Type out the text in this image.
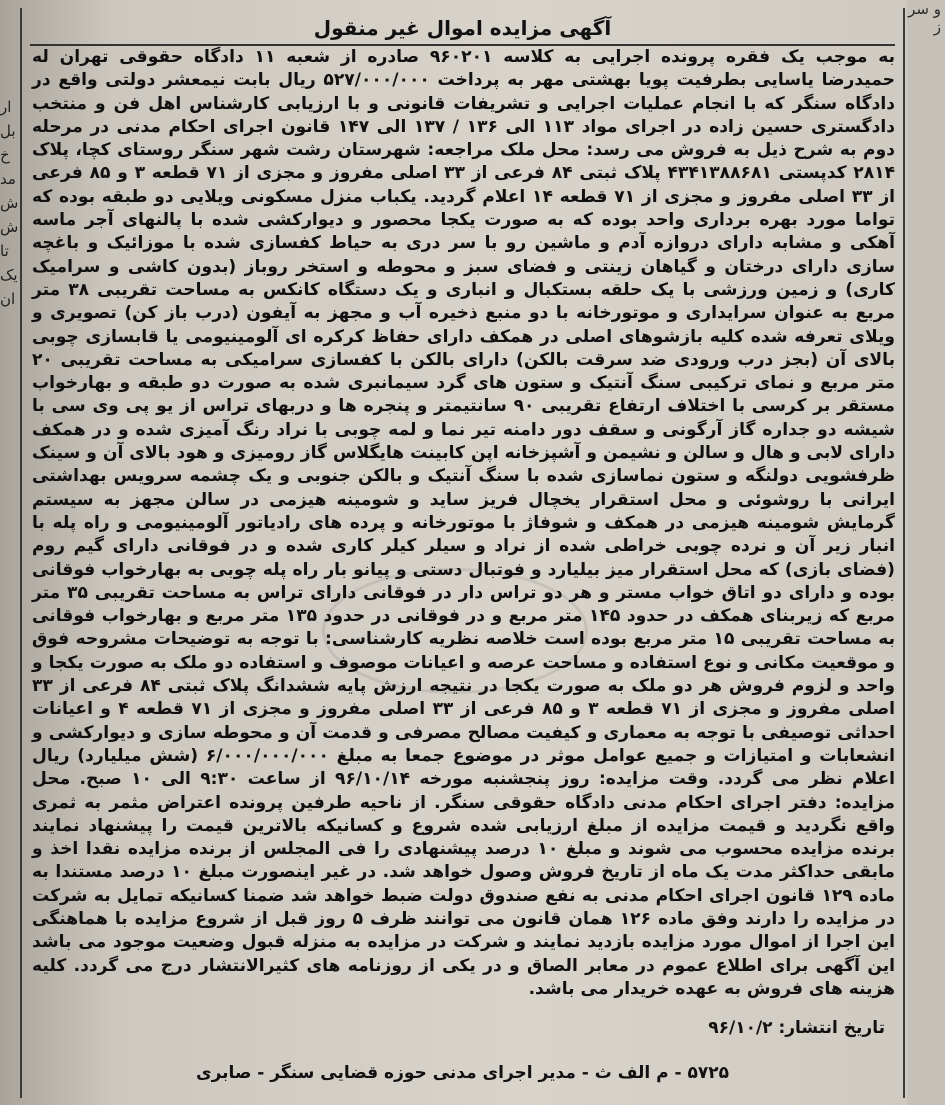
و سر ز
ار
بل
خ
مد
ش
ش
تا
یک
ان
آگهی مزایده اموال غیر منقول
به موجب یک فقره پرونده اجرایی به کلاسه ۹۶۰۲۰۱ صادره از شعبه ۱۱ دادگاه حقوقی تهران له حمیدرضا یاسایی بطرفیت پویا بهشتی مهر به پرداخت ۵۲۷/۰۰۰/۰۰۰ ریال بابت نیمعشر دولتی واقع در دادگاه سنگر که با انجام عملیات اجرایی و تشریفات قانونی و با ارزیابی کارشناس اهل فن و منتخب دادگستری حسین زاده در اجرای مواد ۱۱۳ الی ۱۳۶ / ۱۳۷ الی ۱۴۷ قانون اجرای احکام مدنی در مرحله دوم به شرح ذیل به فروش می رسد: محل ملک مراجعه: شهرستان رشت شهر سنگر روستای کچا، پلاک ۲۸۱۴ کدپستی ۴۳۴۱۳۸۸۶۸۱ پلاک ثبتی ۸۴ فرعی از ۳۳ اصلی مفروز و مجزی از ۷۱ قطعه ۳ و ۸۵ فرعی از ۳۳ اصلی مفروز و مجزی از ۷۱ قطعه ۱۴ اعلام گردید. یکباب منزل مسکونی ویلایی دو طبقه بوده که تواما مورد بهره برداری واحد بوده که به صورت یکجا محصور و دیوارکشی شده با پالنهای آجر ماسه آهکی و مشابه دارای دروازه آدم و ماشین رو با سر دری به حیاط کفسازی شده با موزائیک و باغچه سازی دارای درختان و گیاهان زینتی و فضای سبز و محوطه و استخر روباز (بدون کاشی و سرامیک کاری) و زمین ورزشی با یک حلقه بستکبال و انباری و یک دستگاه کانکس به مساحت تقریبی ۳۸ متر مربع به عنوان سرایداری و موتورخانه با دو منبع ذخیره آب و مجهز به آیفون (درب باز کن) تصویری و ویلای تعرفه شده کلیه بازشوهای اصلی در همکف دارای حفاظ کرکره ای آلومینیومی یا قابسازی چوبی بالای آن (بجز درب ورودی ضد سرقت بالکن) دارای بالکن با کفسازی سرامیکی به مساحت تقریبی ۲۰ متر مربع و نمای ترکیبی سنگ آنتیک و ستون های گرد سیمانبری شده به صورت دو طبقه و بهارخواب مستقر بر کرسی با اختلاف ارتفاع تقریبی ۹۰ سانتیمتر و پنجره ها و دربهای تراس از یو پی وی سی با شیشه دو جداره گاز آرگونی و سقف دور دامنه تیر نما و لمه چوبی با نراد رنگ آمیزی شده و در همکف دارای لابی و هال و سالن و نشیمن و آشپزخانه اپن کابینت هایگلاس گاز رومیزی و هود بالای آن و سینک ظرفشویی دولنگه و ستون نماسازی شده با سنگ آنتیک و بالکن جنوبی و یک چشمه سرویس بهداشتی ایرانی با روشوئی و محل استقرار یخچال فریز ساید و شومینه هیزمی در سالن مجهز به سیستم گرمایش شومینه هیزمی در همکف و شوفاژ با موتورخانه و پرده های رادیاتور آلومینیومی و راه پله با انبار زیر آن و نرده چوبی خراطی شده از نراد و سیلر کیلر کاری شده و در فوقانی دارای گیم روم (فضای بازی) که محل استقرار میز بیلیارد و فوتبال دستی و پیانو بار راه پله چوبی به بهارخواب فوقانی بوده و دارای دو اتاق خواب مستر و هر دو تراس دار در فوقانی دارای تراس به مساحت تقریبی ۳۵ متر مربع که زیربنای همکف در حدود ۱۴۵ متر مربع و در فوقانی در حدود ۱۳۵ متر مربع و بهارخواب فوقانی به مساحت تقریبی ۱۵ متر مربع بوده است خلاصه نظریه کارشناسی: با توجه به توضیحات مشروحه فوق و موقعیت مکانی و نوع استفاده و مساحت عرصه و اعیانات موصوف و استفاده دو ملک به صورت یکجا و واحد و لزوم فروش هر دو ملک به صورت یکجا در نتیجه ارزش پایه ششدانگ پلاک ثبتی ۸۴ فرعی از ۳۳ اصلی مفروز و مجزی از ۷۱ قطعه ۳ و ۸۵ فرعی از ۳۳ اصلی مفروز و مجزی از ۷۱ قطعه ۴ و اعیانات احداثی توصیفی با توجه به معماری و کیفیت مصالح مصرفی و قدمت آن و محوطه سازی و دیوارکشی و انشعابات و امتیازات و جمیع عوامل موثر در موضوع جمعا به مبلغ ۶/۰۰۰/۰۰۰/۰۰۰ (شش میلیارد) ریال اعلام نظر می گردد. وقت مزایده: روز پنجشنبه مورخه ۹۶/۱۰/۱۴ از ساعت ۹:۳۰ الی ۱۰ صبح. محل مزایده: دفتر اجرای احکام مدنی دادگاه حقوقی سنگر. از ناحیه طرفین پرونده اعتراض مثمر به ثمری واقع نگردید و قیمت مزایده از مبلغ ارزیابی شده شروع و کسانیکه بالاترین قیمت را پیشنهاد نمایند برنده مزایده محسوب می شوند و مبلغ ۱۰ درصد پیشنهادی را فی المجلس از برنده مزایده نقدا اخذ و مابقی حداکثر مدت یک ماه از تاریخ فروش وصول خواهد شد. در غیر اینصورت مبلغ ۱۰ درصد مستندا به ماده ۱۲۹ قانون اجرای احکام مدنی به نفع صندوق دولت ضبط خواهد شد ضمنا کسانیکه تمایل به شرکت در مزایده را دارند وفق ماده ۱۲۶ همان قانون می توانند ظرف ۵ روز قبل از شروع مزایده با هماهنگی این اجرا از اموال مورد مزایده بازدید نمایند و شرکت در مزایده به منزله قبول وضعیت موجود می باشد این آگهی برای اطلاع عموم در معابر الصاق و در یکی از روزنامه های کثیرالانتشار درج می گردد. کلیه هزینه های فروش به عهده خریدار می باشد.
تاریخ انتشار: ۹۶/۱۰/۲
۵۷۲۵ - م الف ث - مدیر اجرای مدنی حوزه قضایی سنگر - صابری
